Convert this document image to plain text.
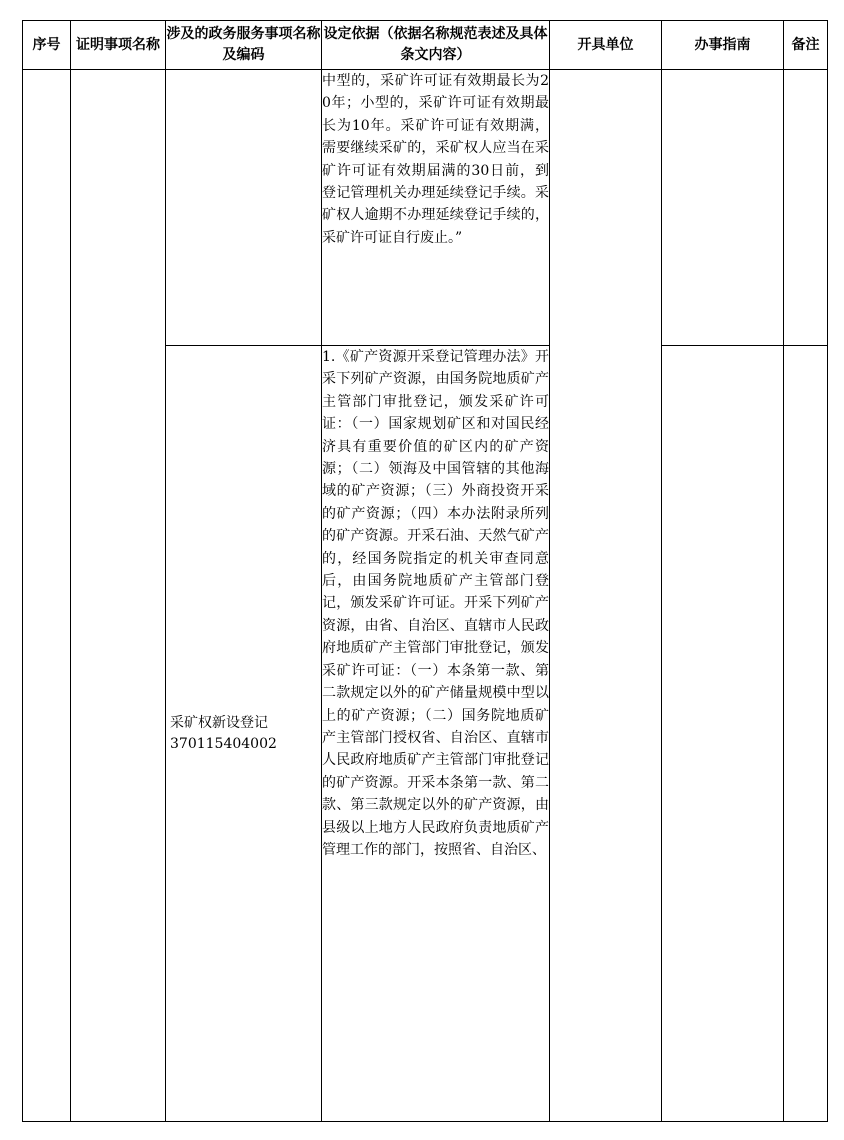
序号	证明事项名称	涉及的政务服务事项名称及编码	设定依据（依据名称规范表述及具体条文内容）	开具单位	办事指南	备注
			中型的，采矿许可证有效期最长为20年；小型的，采矿许可证有效期最长为10年。采矿许可证有效期满，需要继续采矿的，采矿权人应当在采矿许可证有效期届满的30日前，到登记管理机关办理延续登记手续。采矿权人逾期不办理延续登记手续的，采矿许可证自行废止。”			
		采矿权新设登记370115404002	1.《矿产资源开采登记管理办法》开采下列矿产资源，由国务院地质矿产主管部门审批登记，颁发采矿许可证：（一）国家规划矿区和对国民经济具有重要价值的矿区内的矿产资源；（二）领海及中国管辖的其他海域的矿产资源；（三）外商投资开采的矿产资源；（四）本办法附录所列的矿产资源。开采石油、天然气矿产的，经国务院指定的机关审查同意后，由国务院地质矿产主管部门登记，颁发采矿许可证。开采下列矿产资源，由省、自治区、直辖市人民政府地质矿产主管部门审批登记，颁发采矿许可证：（一）本条第一款、第二款规定以外的矿产储量规模中型以上的矿产资源；（二）国务院地质矿产主管部门授权省、自治区、直辖市人民政府地质矿产主管部门审批登记的矿产资源。开采本条第一款、第二款、第三款规定以外的矿产资源，由县级以上地方人民政府负责地质矿产管理工作的部门，按照省、自治区、			
